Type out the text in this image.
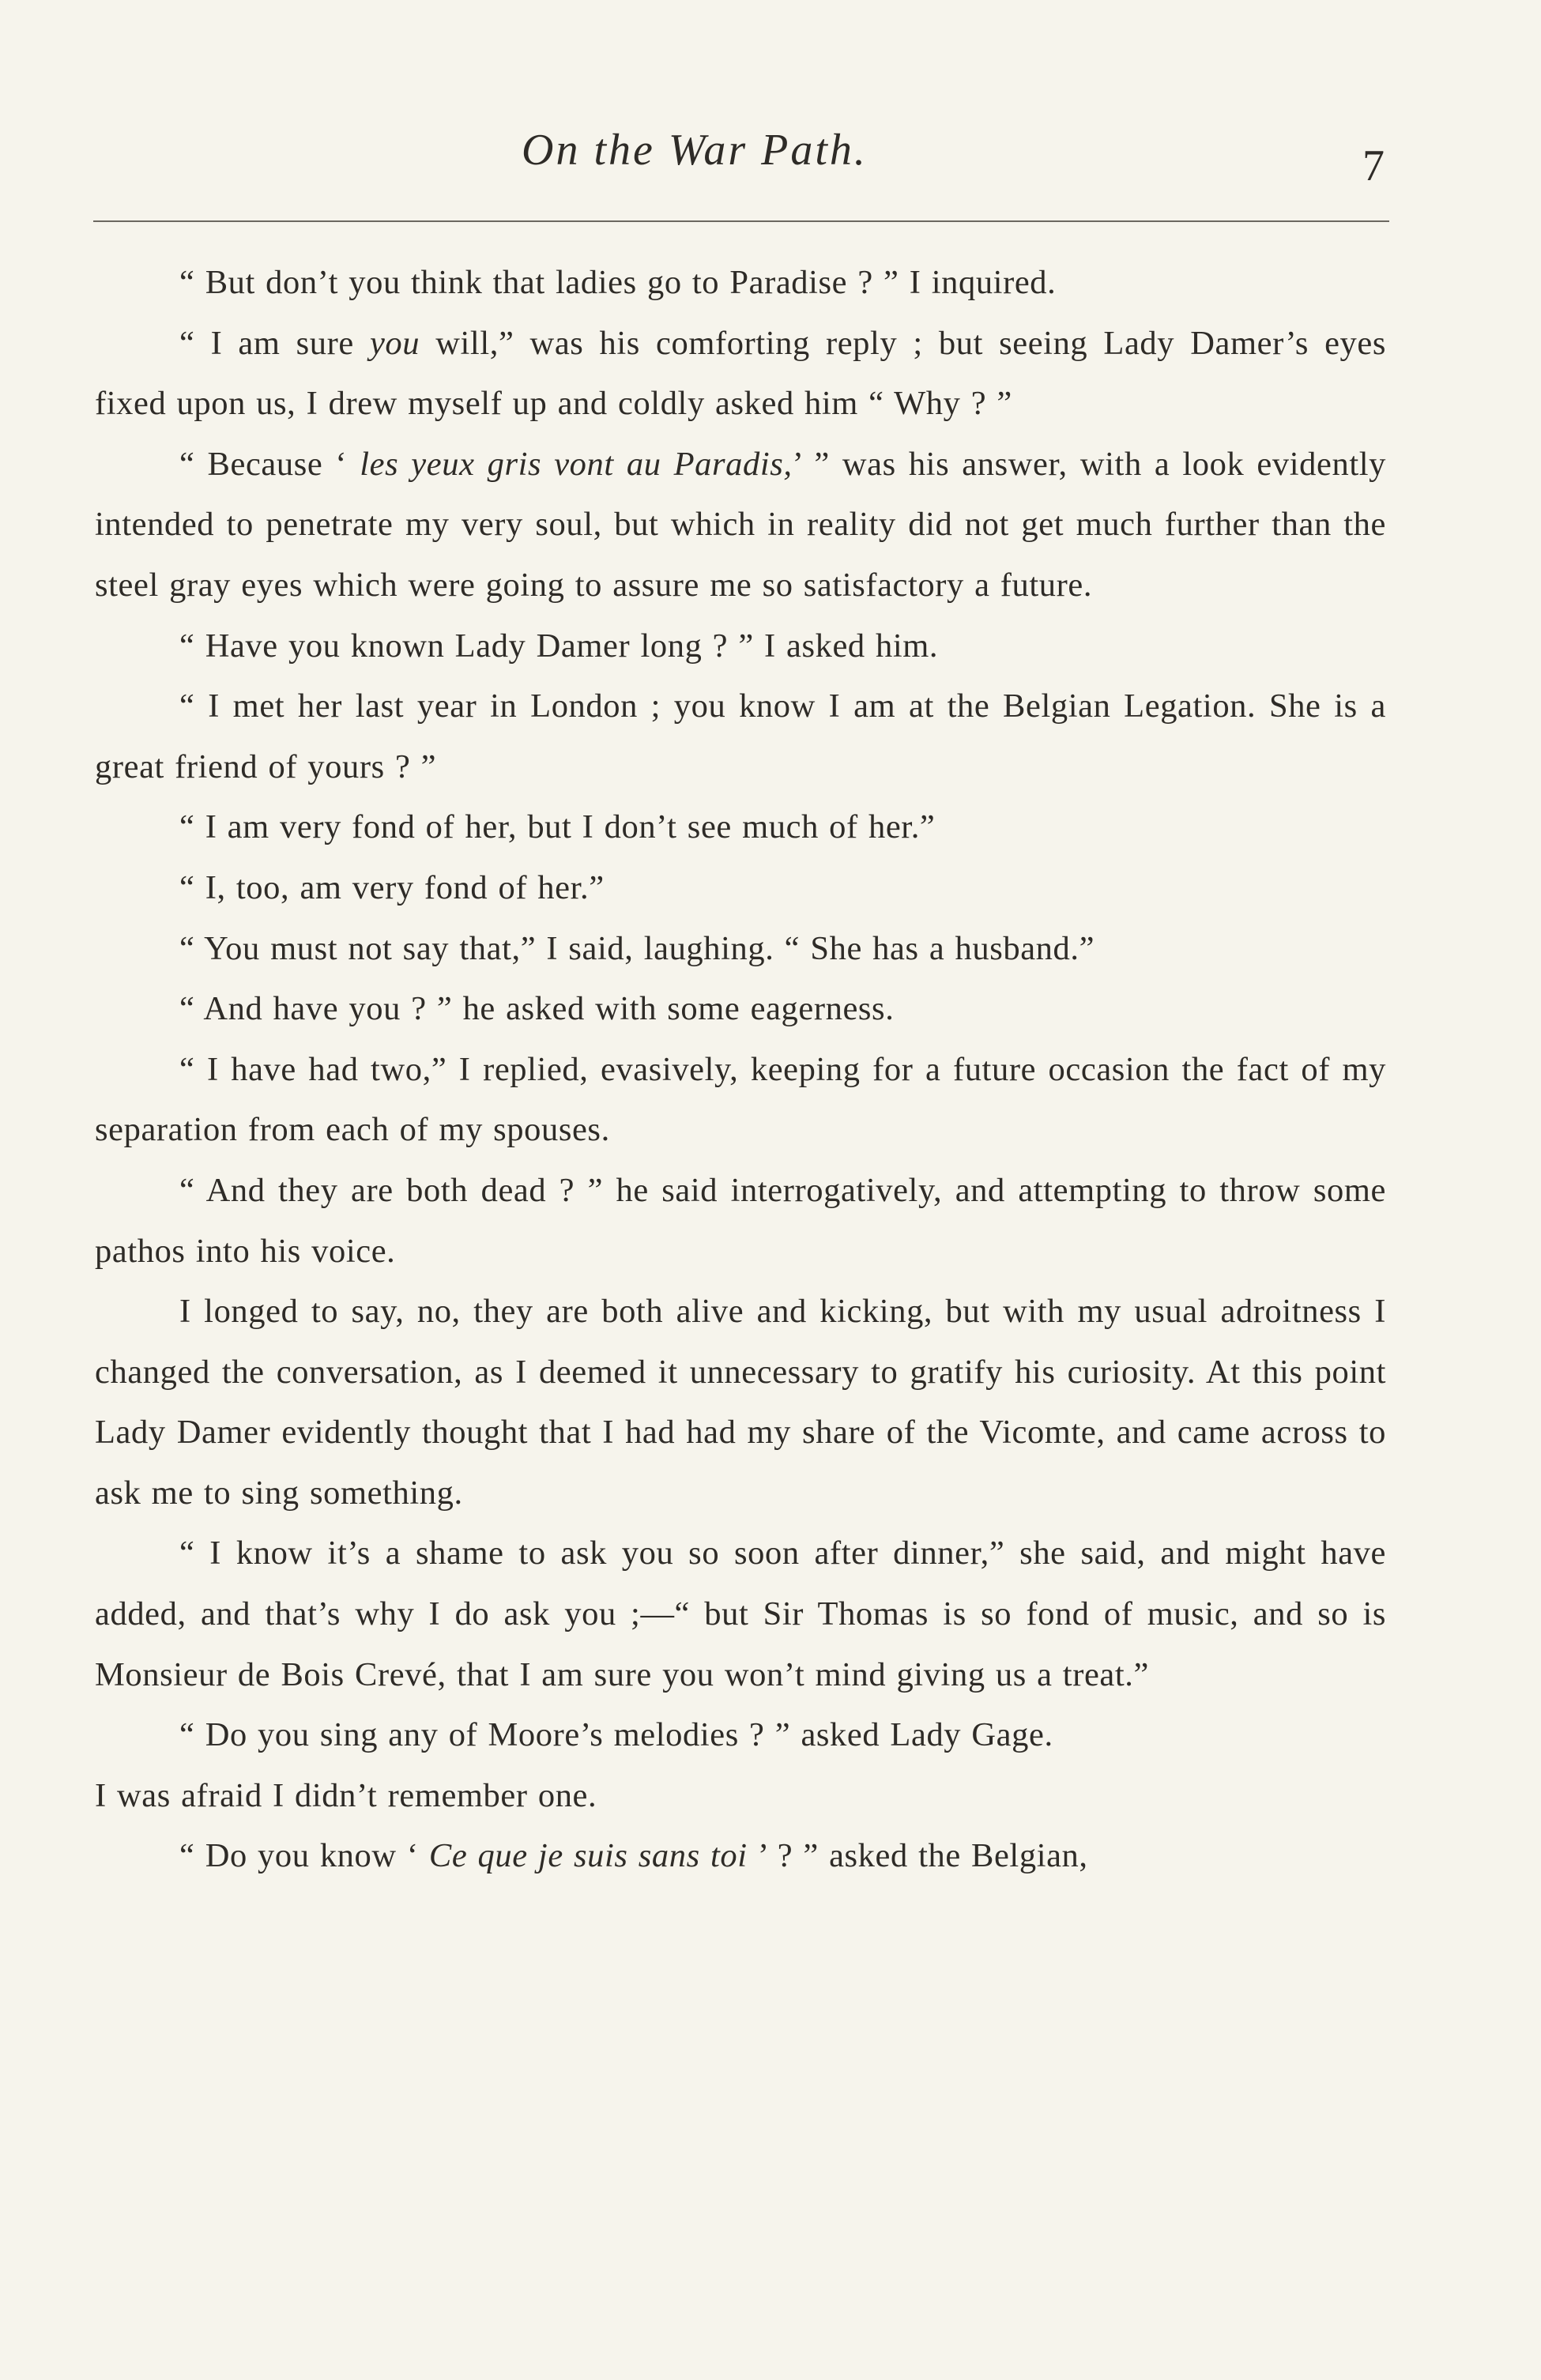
On the War Path.	7

“ But don’t you think that ladies go to Paradise ? ” I inquired.

“ I am sure you will,” was his comforting reply ; but seeing Lady Damer’s eyes fixed upon us, I drew myself up and coldly asked him “ Why ? ”

“ Because ‘ les yeux gris vont au Paradis,’ ” was his answer, with a look evidently intended to penetrate my very soul, but which in reality did not get much further than the steel gray eyes which were going to assure me so satisfactory a future.

“ Have you known Lady Damer long ? ” I asked him.

“ I met her last year in London ; you know I am at the Belgian Legation. She is a great friend of yours ? ”

“ I am very fond of her, but I don’t see much of her.”

“ I, too, am very fond of her.”

“ You must not say that,” I said, laughing. “ She has a husband.”

“ And have you ? ” he asked with some eagerness.

“ I have had two,” I replied, evasively, keeping for a future occasion the fact of my separation from each of my spouses.

“ And they are both dead ? ” he said interrogatively, and attempting to throw some pathos into his voice.

I longed to say, no, they are both alive and kicking, but with my usual adroitness I changed the conversation, as I deemed it unnecessary to gratify his curiosity. At this point Lady Damer evidently thought that I had had my share of the Vicomte, and came across to ask me to sing something.

“ I know it’s a shame to ask you so soon after dinner,” she said, and might have added, and that’s why I do ask you ;—“ but Sir Thomas is so fond of music, and so is Monsieur de Bois Crevé, that I am sure you won’t mind giving us a treat.”

“ Do you sing any of Moore’s melodies ? ” asked Lady Gage.

I was afraid I didn’t remember one.

“ Do you know ‘ Ce que je suis sans toi ’ ? ” asked the Belgian,
